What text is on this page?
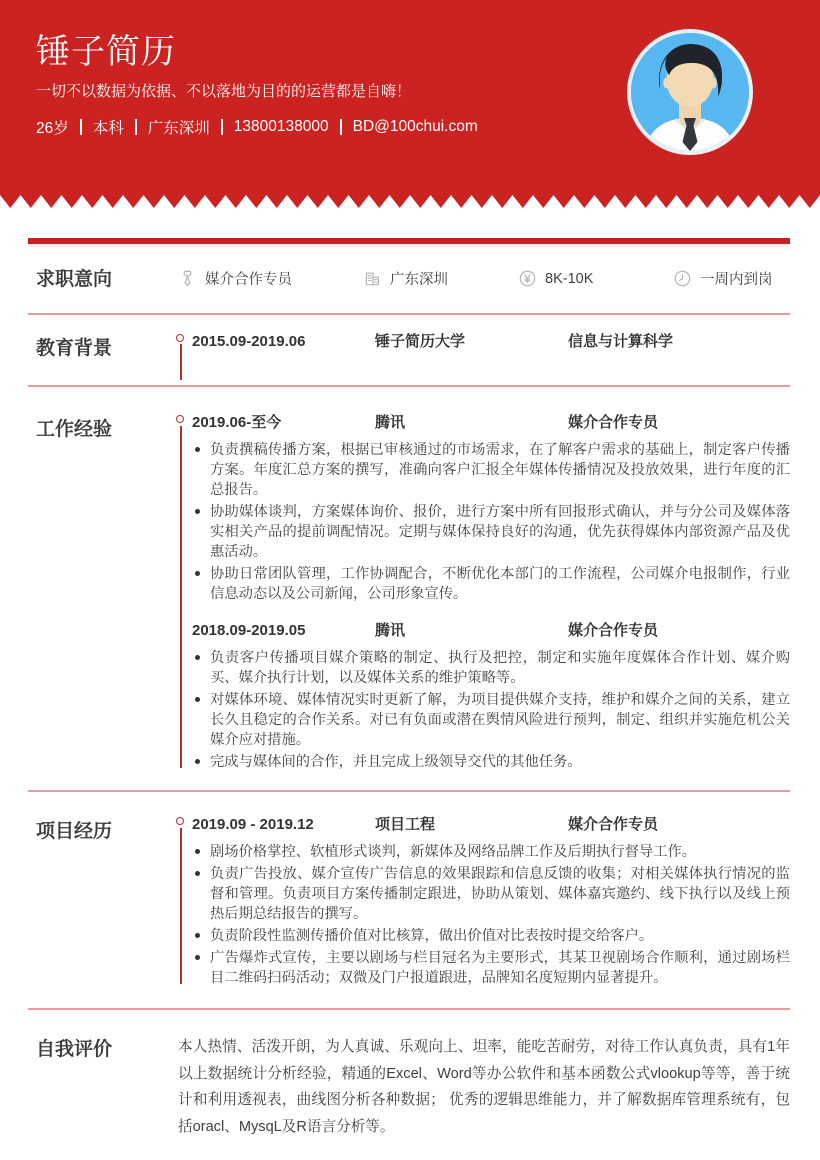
锤子简历

一切不以数据为依据、不以落地为目的的运营都是自嗨！

26岁 本科 广东深圳 13800138000 BD@100chui.com
求职意向	媒介合作专员	广东深圳	8K-10K	一周内到岗
教育背景	2015.09-2019.06	锤子简历大学	信息与计算科学
工作经验	2019.06-至今	腾讯	媒介合作专员
负责撰稿传播方案，根据已审核通过的市场需求，在了解客户需求的基础上，制定客户传播方案。年度汇总方案的撰写，准确向客户汇报全年媒体传播情况及投放效果，进行年度的汇总报告。
协助媒体谈判，方案媒体询价、报价，进行方案中所有回报形式确认，并与分公司及媒体落实相关产品的提前调配情况。定期与媒体保持良好的沟通，优先获得媒体内部资源产品及优惠活动。
协助日常团队管理，工作协调配合，不断优化本部门的工作流程，公司媒介电报制作，行业信息动态以及公司新闻，公司形象宣传。
2018.09-2019.05	腾讯	媒介合作专员
负责客户传播项目媒介策略的制定、执行及把控，制定和实施年度媒体合作计划、媒介购买、媒介执行计划，以及媒体关系的维护策略等。
对媒体环境、媒体情况实时更新了解，为项目提供媒介支持，维护和媒介之间的关系，建立长久且稳定的合作关系。对已有负面或潜在舆情风险进行预判，制定、组织并实施危机公关媒介应对措施。
完成与媒体间的合作，并且完成上级领导交代的其他任务。
项目经历	2019.09 - 2019.12	项目工程	媒介合作专员
剧场价格掌控、软植形式谈判，新媒体及网络品牌工作及后期执行督导工作。
负责广告投放、媒介宣传广告信息的效果跟踪和信息反馈的收集；对相关媒体执行情况的监督和管理。负责项目方案传播制定跟进，协助从策划、媒体嘉宾邀约、线下执行以及线上预热后期总结报告的撰写。
负责阶段性监测传播价值对比核算，做出价值对比表按时提交给客户。
广告爆炸式宣传，主要以剧场与栏目冠名为主要形式，其某卫视剧场合作顺利，通过剧场栏目二维码扫码活动；双微及门户报道跟进，品牌知名度短期内显著提升。
自我评价	本人热情、活泼开朗，为人真诚、乐观向上、坦率，能吃苦耐劳，对待工作认真负责，具有1年以上数据统计分析经验，精通的Excel、Word等办公软件和基本函数公式vlookup等等，善于统计和利用透视表，曲线图分析各种数据； 优秀的逻辑思维能力，并了解数据库管理系统有，包括oracl、MysqL及R语言分析等。
